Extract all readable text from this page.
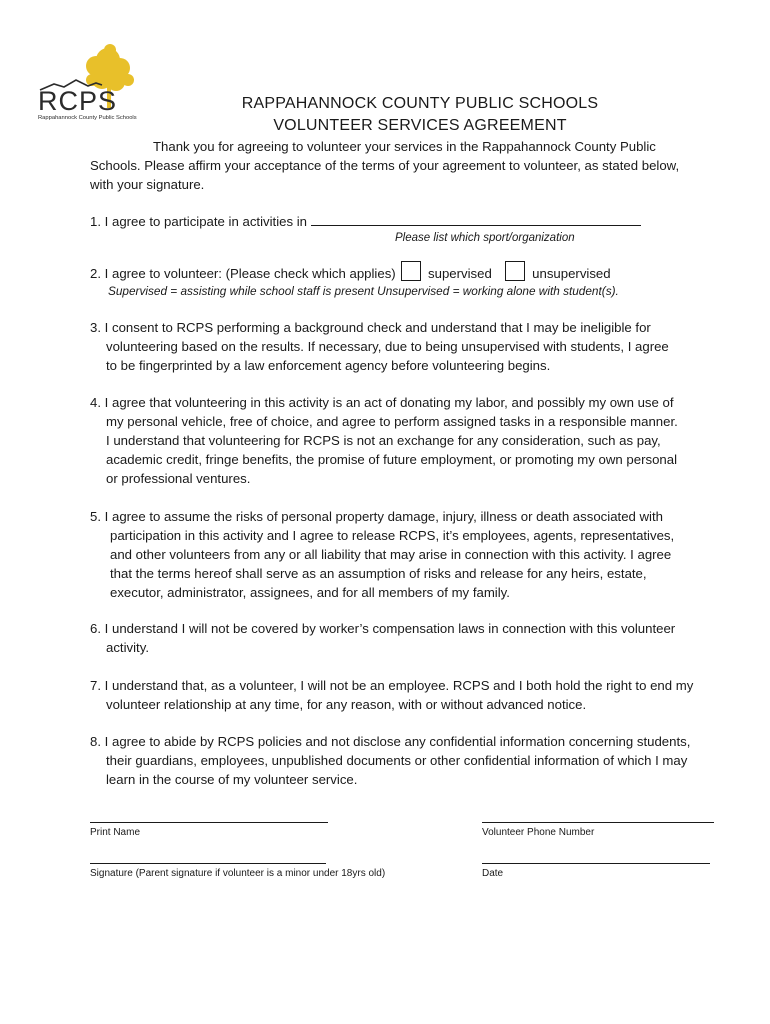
RCPS
Rappahannock County Public Schools
RAPPAHANNOCK COUNTY PUBLIC SCHOOLS
VOLUNTEER SERVICES AGREEMENT
Thank you for agreeing to volunteer your services in the Rappahannock County Public
Schools. Please affirm your acceptance of the terms of your agreement to volunteer, as stated below,
with your signature.
1. I agree to participate in activities in
Please list which sport/organization
2. I agree to volunteer: (Please check which applies) supervised	unsupervised
Supervised = assisting while school staff is present Unsupervised = working alone with student(s).
3. I consent to RCPS performing a background check and understand that I may be ineligible for
volunteering based on the results. If necessary, due to being unsupervised with students, I agree
to be fingerprinted by a law enforcement agency before volunteering begins.
4. I agree that volunteering in this activity is an act of donating my labor, and possibly my own use of
my personal vehicle, free of choice, and agree to perform assigned tasks in a responsible manner.
I understand that volunteering for RCPS is not an exchange for any consideration, such as pay,
academic credit, fringe benefits, the promise of future employment, or promoting my own personal
or professional ventures.
5. I agree to assume the risks of personal property damage, injury, illness or death associated with
participation in this activity and I agree to release RCPS, it’s employees, agents, representatives,
and other volunteers from any or all liability that may arise in connection with this activity. I agree
that the terms hereof shall serve as an assumption of risks and release for any heirs, estate,
executor, administrator, assignees, and for all members of my family.
6. I understand I will not be covered by worker’s compensation laws in connection with this volunteer
activity.
7. I understand that, as a volunteer, I will not be an employee. RCPS and I both hold the right to end my
volunteer relationship at any time, for any reason, with or without advanced notice.
8. I agree to abide by RCPS policies and not disclose any confidential information concerning students,
their guardians, employees, unpublished documents or other confidential information of which I may
learn in the course of my volunteer service.
Print Name	Volunteer Phone Number
Signature (Parent signature if volunteer is a minor under 18yrs old)	Date
